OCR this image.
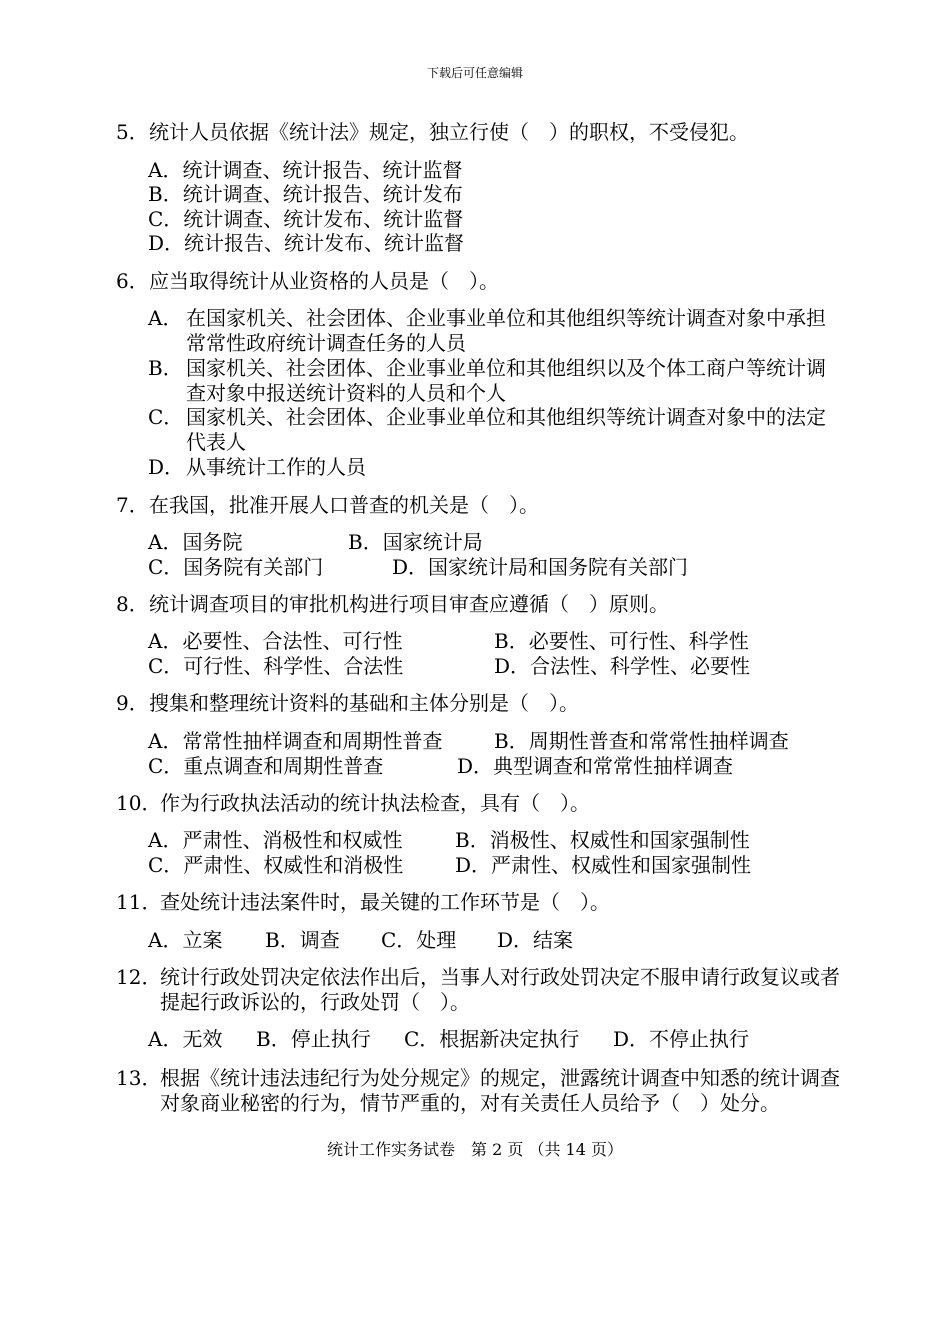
下载后可任意编辑
5． 统计人员依据《统计法》规定，独立行使（　）的职权，不受侵犯。
A．统计调查、统计报告、统计监督
B．统计调查、统计报告、统计发布
C．统计调查、统计发布、统计监督
D．统计报告、统计发布、统计监督
6． 应当取得统计从业资格的人员是（　）。
A． 在国家机关、社会团体、企业事业单位和其他组织等统计调查对象中承担常常性政府统计调查任务的人员
B． 国家机关、社会团体、企业事业单位和其他组织以及个体工商户等统计调查对象中报送统计资料的人员和个人
C． 国家机关、社会团体、企业事业单位和其他组织等统计调查对象中的法定代表人
D． 从事统计工作的人员
7． 在我国，批准开展人口普查的机关是（　）。
A．国务院	B．国家统计局
C．国务院有关部门	D．国家统计局和国务院有关部门
8． 统计调查项目的审批机构进行项目审查应遵循（　）原则。
A．必要性、合法性、可行性	B．必要性、可行性、科学性
C．可行性、科学性、合法性	D．合法性、科学性、必要性
9． 搜集和整理统计资料的基础和主体分别是（　）。
A．常常性抽样调查和周期性普查	B．周期性普查和常常性抽样调查
C．重点调查和周期性普查	D．典型调查和常常性抽样调查
10．
作为行政执法活动的统计执法检查，具有（　）。
A．严肃性、消极性和权威性	B．消极性、权威性和国家强制性
C．严肃性、权威性和消极性	D．严肃性、权威性和国家强制性
11．
查处统计违法案件时，最关键的工作环节是（　）。
A．立案 B．调查 C．处理 D．结案
12．
统计行政处罚决定依法作出后，当事人对行政处罚决定不服申请行政复议或者提起行政诉讼的，行政处罚（　）。
A．无效 B．停止执行 C．根据新决定执行 D．不停止执行
13．
根据《统计违法违纪行为处分规定》的规定，泄露统计调查中知悉的统计调查对象商业秘密的行为，情节严重的，对有关责任人员给予（　）处分。
统计工作实务试卷　第 2 页 （共 14 页）
